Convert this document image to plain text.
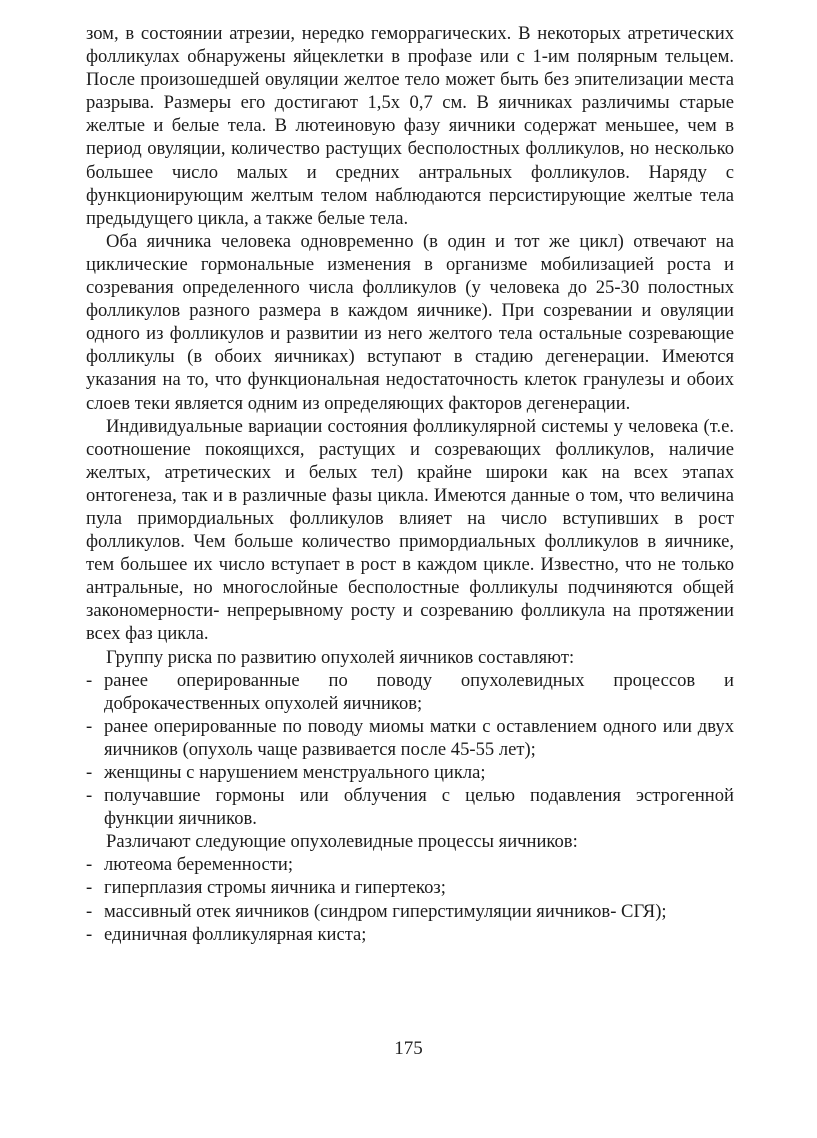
зом, в состоянии атрезии, нередко геморрагических. В некоторых атретических фолликулах обнаружены яйцеклетки в профазе или с 1-им полярным тельцем. После произошедшей овуляции желтое тело может быть без эпителизации места разрыва. Размеры его достигают 1,5х 0,7 см. В яичниках различимы старые желтые и белые тела. В лютеиновую фазу яичники содержат меньшее, чем в период овуляции, количество растущих бесполостных фолликулов, но несколько большее число малых и средних антральных фолликулов. Наряду с функционирующим желтым телом наблюдаются персистирующие желтые тела предыдущего цикла, а также белые тела.

Оба яичника человека одновременно (в один и тот же цикл) отвечают на циклические гормональные изменения в организме мобилизацией роста и созревания определенного числа фолликулов (у человека до 25-30 полостных фолликулов разного размера в каждом яичнике). При созревании и овуляции одного из фолликулов и развитии из него желтого тела остальные созревающие фолликулы (в обоих яичниках) вступают в стадию дегенерации. Имеются указания на то, что функциональная недостаточность клеток гранулезы и обоих слоев теки является одним из определяющих факторов дегенерации.

Индивидуальные вариации состояния фолликулярной системы у человека (т.е. соотношение покоящихся, растущих и созревающих фолликулов, наличие желтых, атретических и белых тел) крайне широки как на всех этапах онтогенеза, так и в различные фазы цикла. Имеются данные о том, что величина пула примордиальных фолликулов влияет на число вступивших в рост фолликулов. Чем больше количество примордиальных фолликулов в яичнике, тем большее их число вступает в рост в каждом цикле. Известно, что не только антральные, но многослойные бесполостные фолликулы подчиняются общей закономерности- непрерывному росту и созреванию фолликула на протяжении всех фаз цикла.

Группу риска по развитию опухолей яичников составляют:

- ранее оперированные по поводу опухолевидных процессов и доброкачественных опухолей яичников;
- ранее оперированные по поводу миомы матки с оставлением одного или двух яичников (опухоль чаще развивается после 45-55 лет);
- женщины с нарушением менструального цикла;
- получавшие гормоны или облучения с целью подавления эстрогенной функции яичников.

Различают следующие опухолевидные процессы яичников:

- лютеома беременности;
- гиперплазия стромы яичника и гипертекоз;
- массивный отек яичников (синдром гиперстимуляции яичников- СГЯ);
- единичная фолликулярная киста;
175
